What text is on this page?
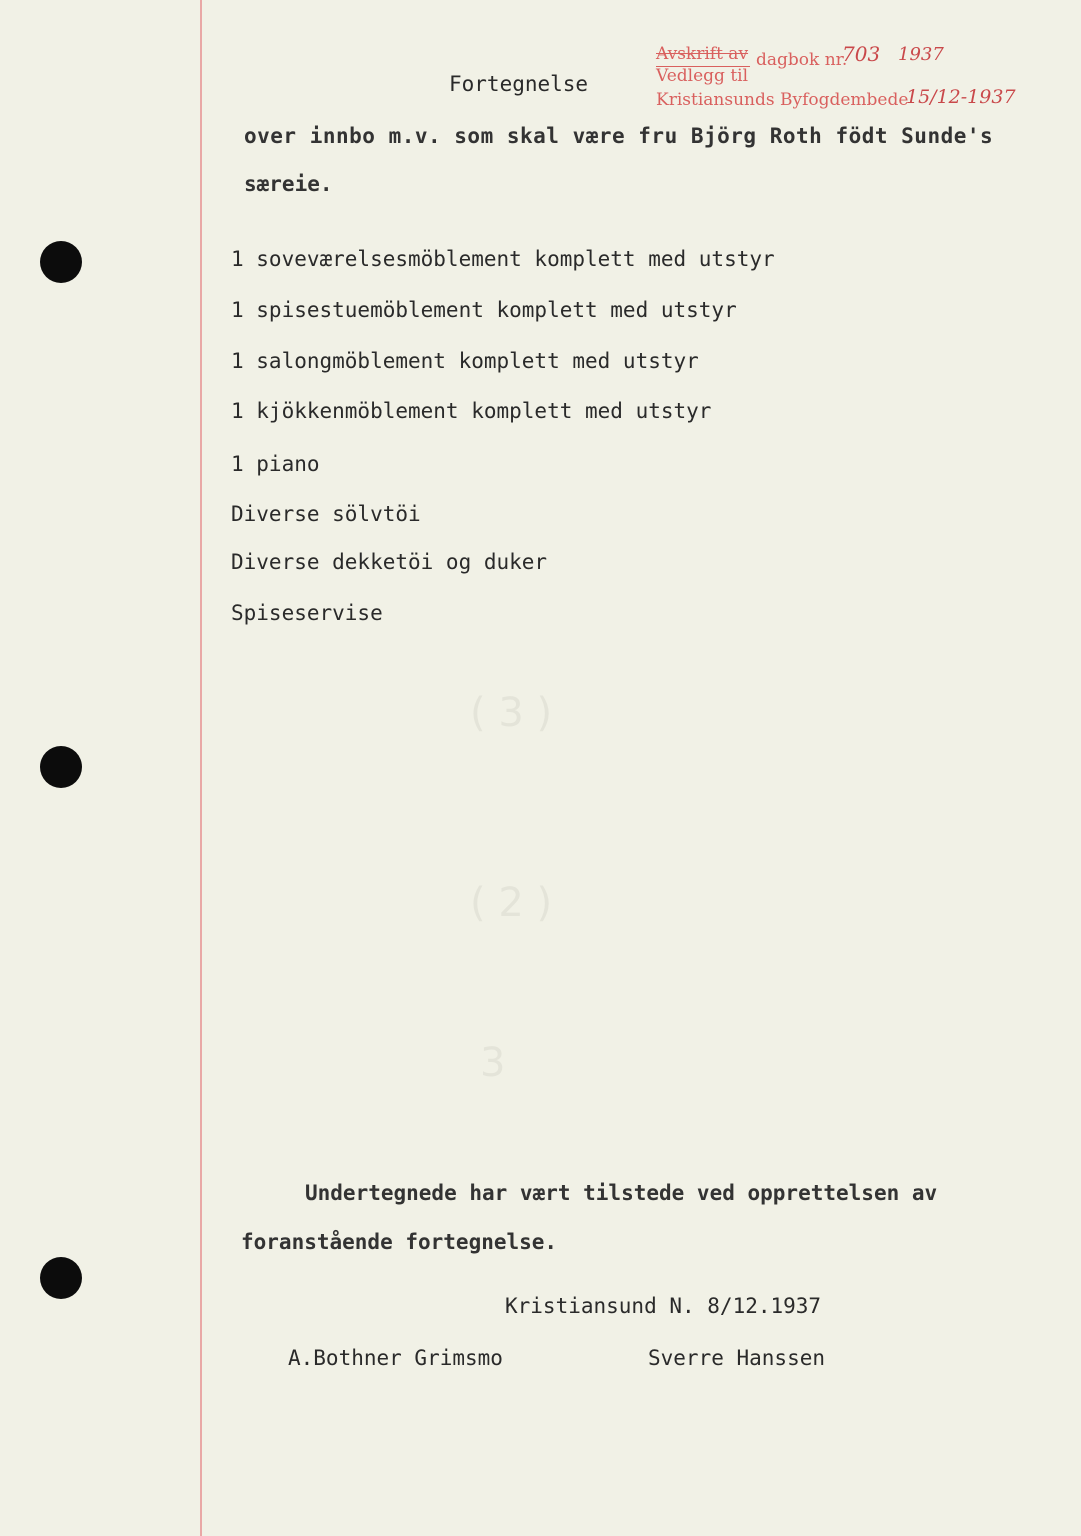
( 3 )
( 2 )
3
Avskrift av dagbok nr.
703 1937
Vedlegg til
Kristiansunds Byfogdembede
15/12-1937
Fortegnelse
over innbo m.v. som skal være fru Björg Roth födt Sunde's
særeie.
1 soveværelsesmöblement komplett med utstyr
1 spisestuemöblement komplett med utstyr
1 salongmöblement komplett med utstyr
1 kjökkenmöblement komplett med utstyr
1 piano
Diverse sölvtöi
Diverse dekketöi og duker
Spiseservise
Undertegnede har vært tilstede ved opprettelsen av
foranstående fortegnelse.
Kristiansund N. 8/12.1937
A.Bothner Grimsmo	Sverre Hanssen
